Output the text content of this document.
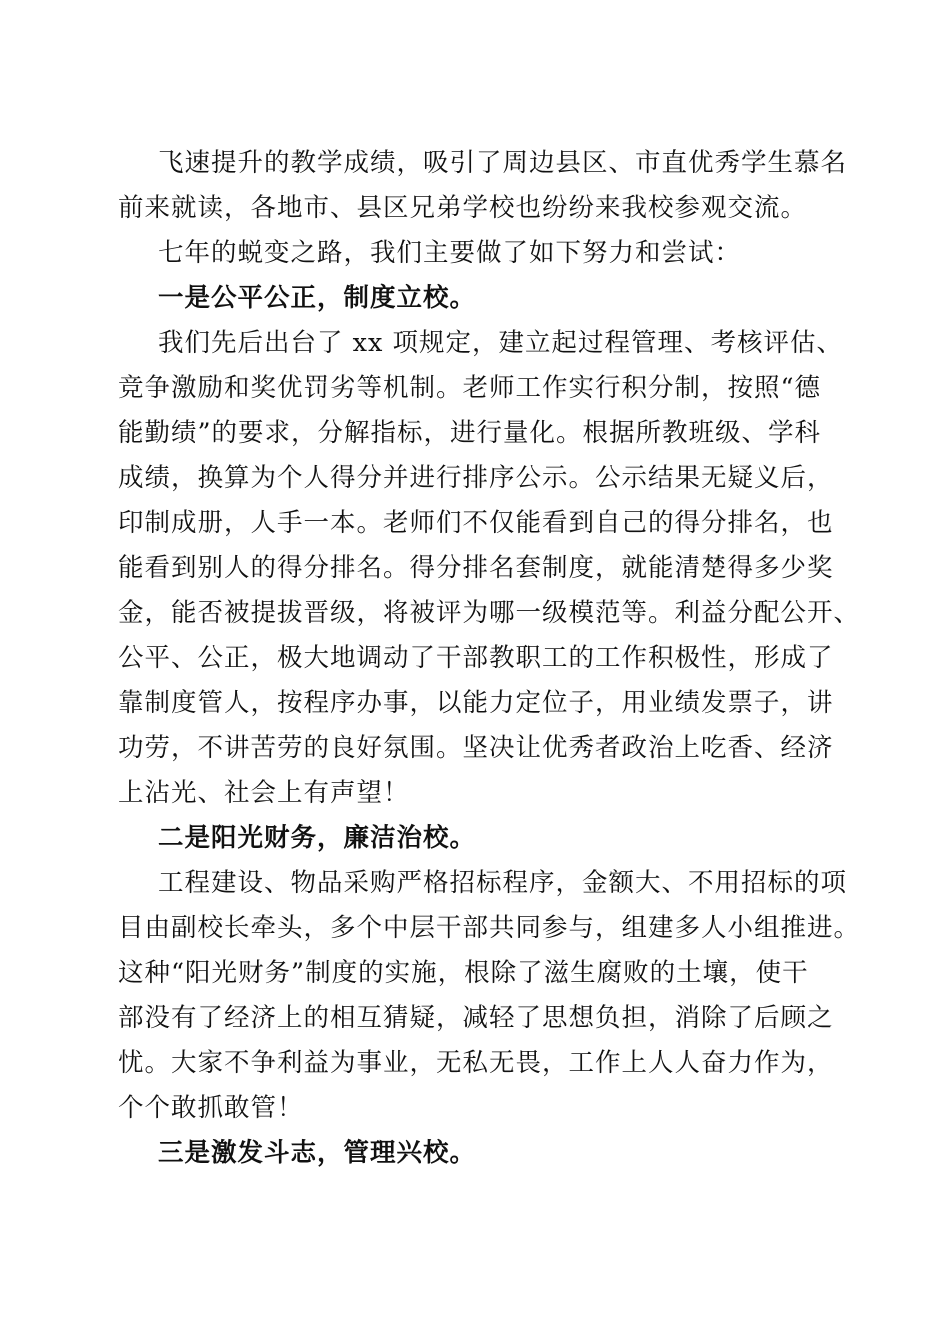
飞速提升的教学成绩，吸引了周边县区、市直优秀学生慕名
前来就读，各地市、县区兄弟学校也纷纷来我校参观交流。
七年的蜕变之路，我们主要做了如下努力和尝试：
一是公平公正，制度立校。
我们先后出台了 xx 项规定，建立起过程管理、考核评估、
竞争激励和奖优罚劣等机制。老师工作实行积分制，按照“德
能勤绩”的要求，分解指标，进行量化。根据所教班级、学科
成绩，换算为个人得分并进行排序公示。公示结果无疑义后，
印制成册，人手一本。老师们不仅能看到自己的得分排名，也
能看到别人的得分排名。得分排名套制度，就能清楚得多少奖
金，能否被提拔晋级，将被评为哪一级模范等。利益分配公开、
公平、公正，极大地调动了干部教职工的工作积极性，形成了
靠制度管人，按程序办事，以能力定位子，用业绩发票子，讲
功劳，不讲苦劳的良好氛围。坚决让优秀者政治上吃香、经济
上沾光、社会上有声望！
二是阳光财务，廉洁治校。
工程建设、物品采购严格招标程序，金额大、不用招标的项
目由副校长牵头，多个中层干部共同参与，组建多人小组推进。
这种“阳光财务”制度的实施，根除了滋生腐败的土壤，使干
部没有了经济上的相互猜疑，减轻了思想负担，消除了后顾之
忧。大家不争利益为事业，无私无畏，工作上人人奋力作为，
个个敢抓敢管！
三是激发斗志，管理兴校。
